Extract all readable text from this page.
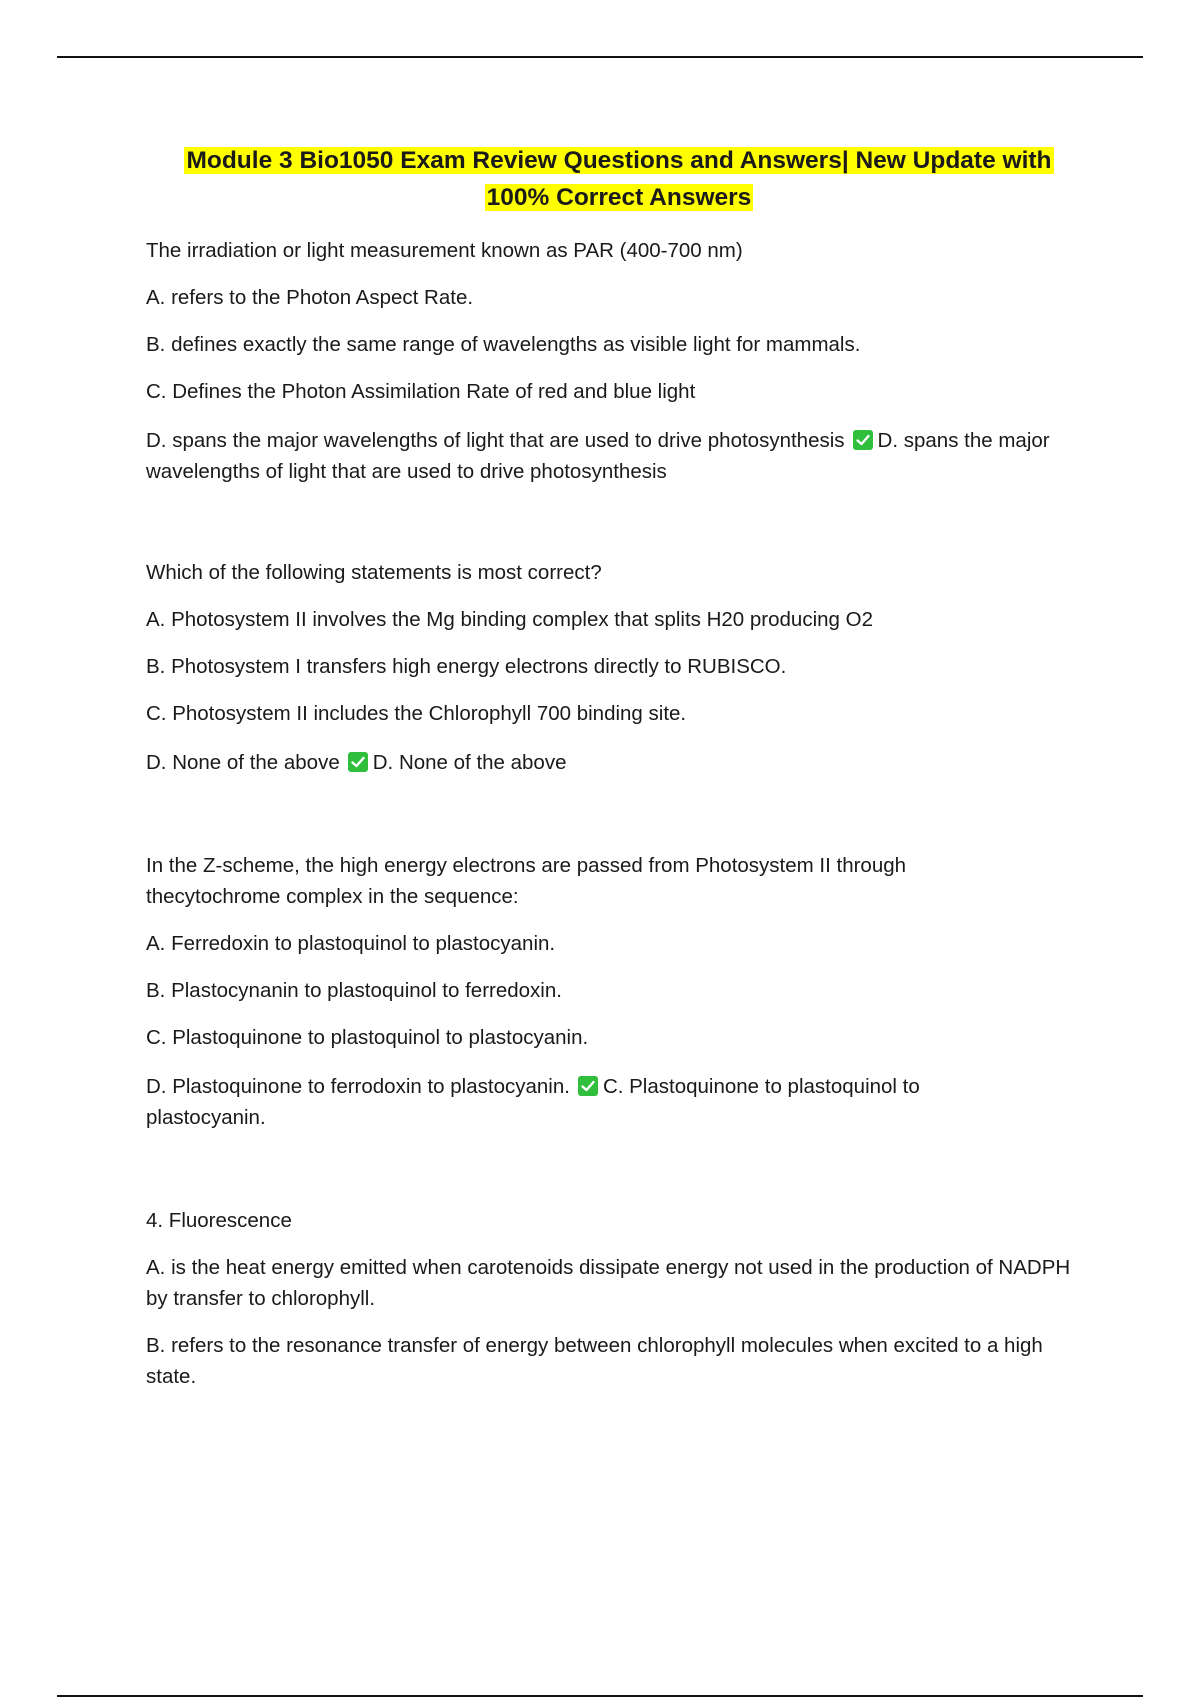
Module 3 Bio1050 Exam Review Questions and Answers| New Update with
100% Correct Answers

The irradiation or light measurement known as PAR (400-700 nm)

A. refers to the Photon Aspect Rate.

B. defines exactly the same range of wavelengths as visible light for mammals.

C. Defines the Photon Assimilation Rate of red and blue light

D. spans the major wavelengths of light that are used to drive photosynthesis D. spans the major wavelengths of light that are used to drive photosynthesis

Which of the following statements is most correct?

A. Photosystem II involves the Mg binding complex that splits H20 producing O2

B. Photosystem I transfers high energy electrons directly to RUBISCO.

C. Photosystem II includes the Chlorophyll 700 binding site.

D. None of the above D. None of the above

In the Z-scheme, the high energy electrons are passed from Photosystem II through thecytochrome complex in the sequence:

A. Ferredoxin to plastoquinol to plastocyanin.

B. Plastocynanin to plastoquinol to ferredoxin.

C. Plastoquinone to plastoquinol to plastocyanin.

D. Plastoquinone to ferrodoxin to plastocyanin. C. Plastoquinone to plastoquinol to plastocyanin.

4. Fluorescence

A. is the heat energy emitted when carotenoids dissipate energy not used in the production of NADPH by transfer to chlorophyll.

B. refers to the resonance transfer of energy between chlorophyll molecules when excited to a high state.
